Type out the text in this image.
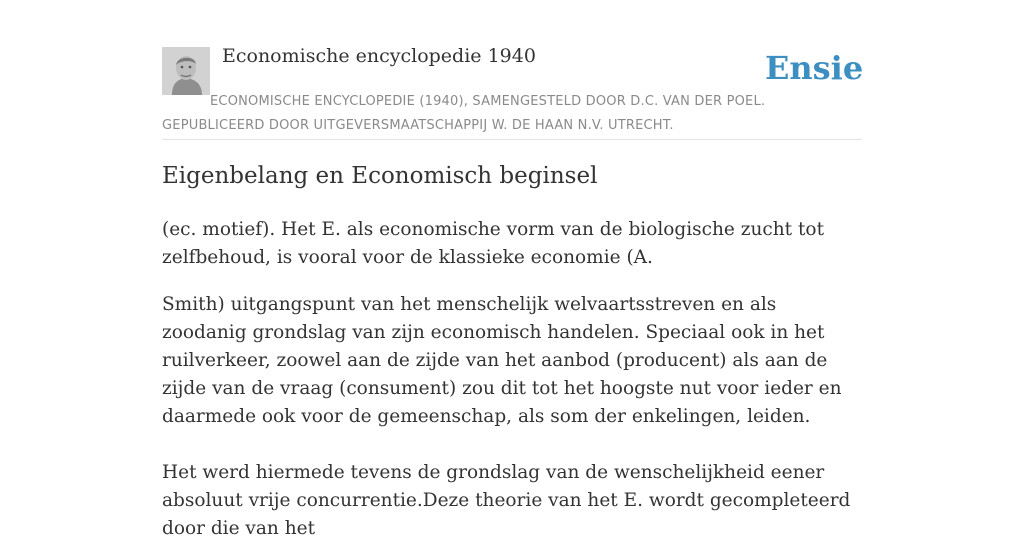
Economische encyclopedie 1940	Ensie
ECONOMISCHE ENCYCLOPEDIE (1940), SAMENGESTELD DOOR D.C. VAN DER POEL. GEPUBLICEERD DOOR UITGEVERSMAATSCHAPPIJ W. DE HAAN N.V. UTRECHT.
Eigenbelang en Economisch beginsel

(ec. motief). Het E. als economische vorm van de biologische zucht tot zelfbehoud, is vooral voor de klassieke economie (A.

Smith) uitgangspunt van het menschelijk welvaartsstreven en als zoodanig grondslag van zijn economisch handelen. Speciaal ook in het ruilverkeer, zoowel aan de zijde van het aanbod (producent) als aan de zijde van de vraag (consument) zou dit tot het hoogste nut voor ieder en daarmede ook voor de gemeenschap, als som der enkelingen, leiden.

Het werd hiermede tevens de grondslag van de wenschelijkheid eener absoluut vrije concurrentie.Deze theorie van het E. wordt gecompleteerd door die van het
